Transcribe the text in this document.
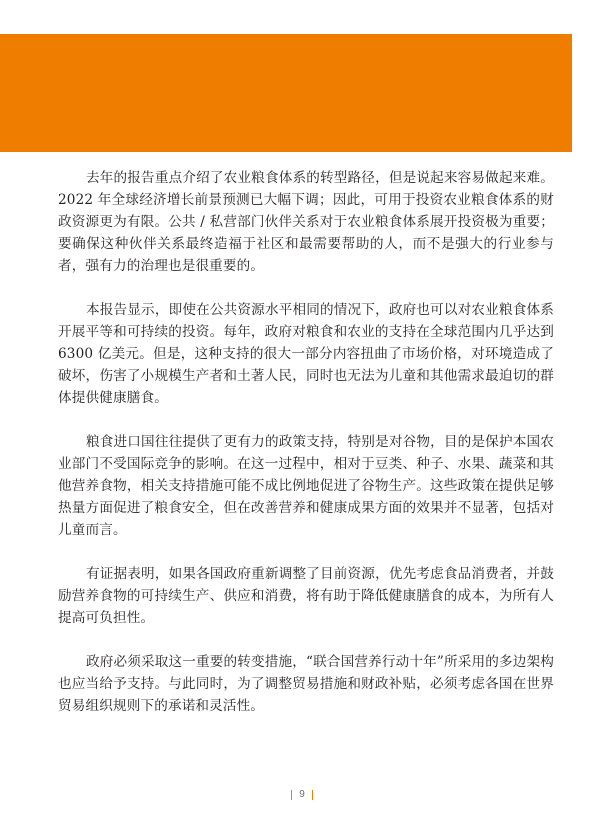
去年的报告重点介绍了农业粮食体系的转型路径，但是说起来容易做起来难。2022 年全球经济增长前景预测已大幅下调；因此，可用于投资农业粮食体系的财政资源更为有限。公共 / 私营部门伙伴关系对于农业粮食体系展开投资极为重要；要确保这种伙伴关系最终造福于社区和最需要帮助的人，而不是强大的行业参与者，强有力的治理也是很重要的。

本报告显示，即使在公共资源水平相同的情况下，政府也可以对农业粮食体系开展平等和可持续的投资。每年，政府对粮食和农业的支持在全球范围内几乎达到 6300 亿美元。但是，这种支持的很大一部分内容扭曲了市场价格，对环境造成了破坏，伤害了小规模生产者和土著人民，同时也无法为儿童和其他需求最迫切的群体提供健康膳食。

粮食进口国往往提供了更有力的政策支持，特别是对谷物，目的是保护本国农业部门不受国际竞争的影响。在这一过程中，相对于豆类、种子、水果、蔬菜和其他营养食物，相关支持措施可能不成比例地促进了谷物生产。这些政策在提供足够热量方面促进了粮食安全，但在改善营养和健康成果方面的效果并不显著，包括对儿童而言。

有证据表明，如果各国政府重新调整了目前资源，优先考虑食品消费者，并鼓励营养食物的可持续生产、供应和消费，将有助于降低健康膳食的成本，为所有人提高可负担性。

政府必须采取这一重要的转变措施，“联合国营养行动十年”所采用的多边架构也应当给予支持。与此同时，为了调整贸易措施和财政补贴，必须考虑各国在世界贸易组织规则下的承诺和灵活性。

9
